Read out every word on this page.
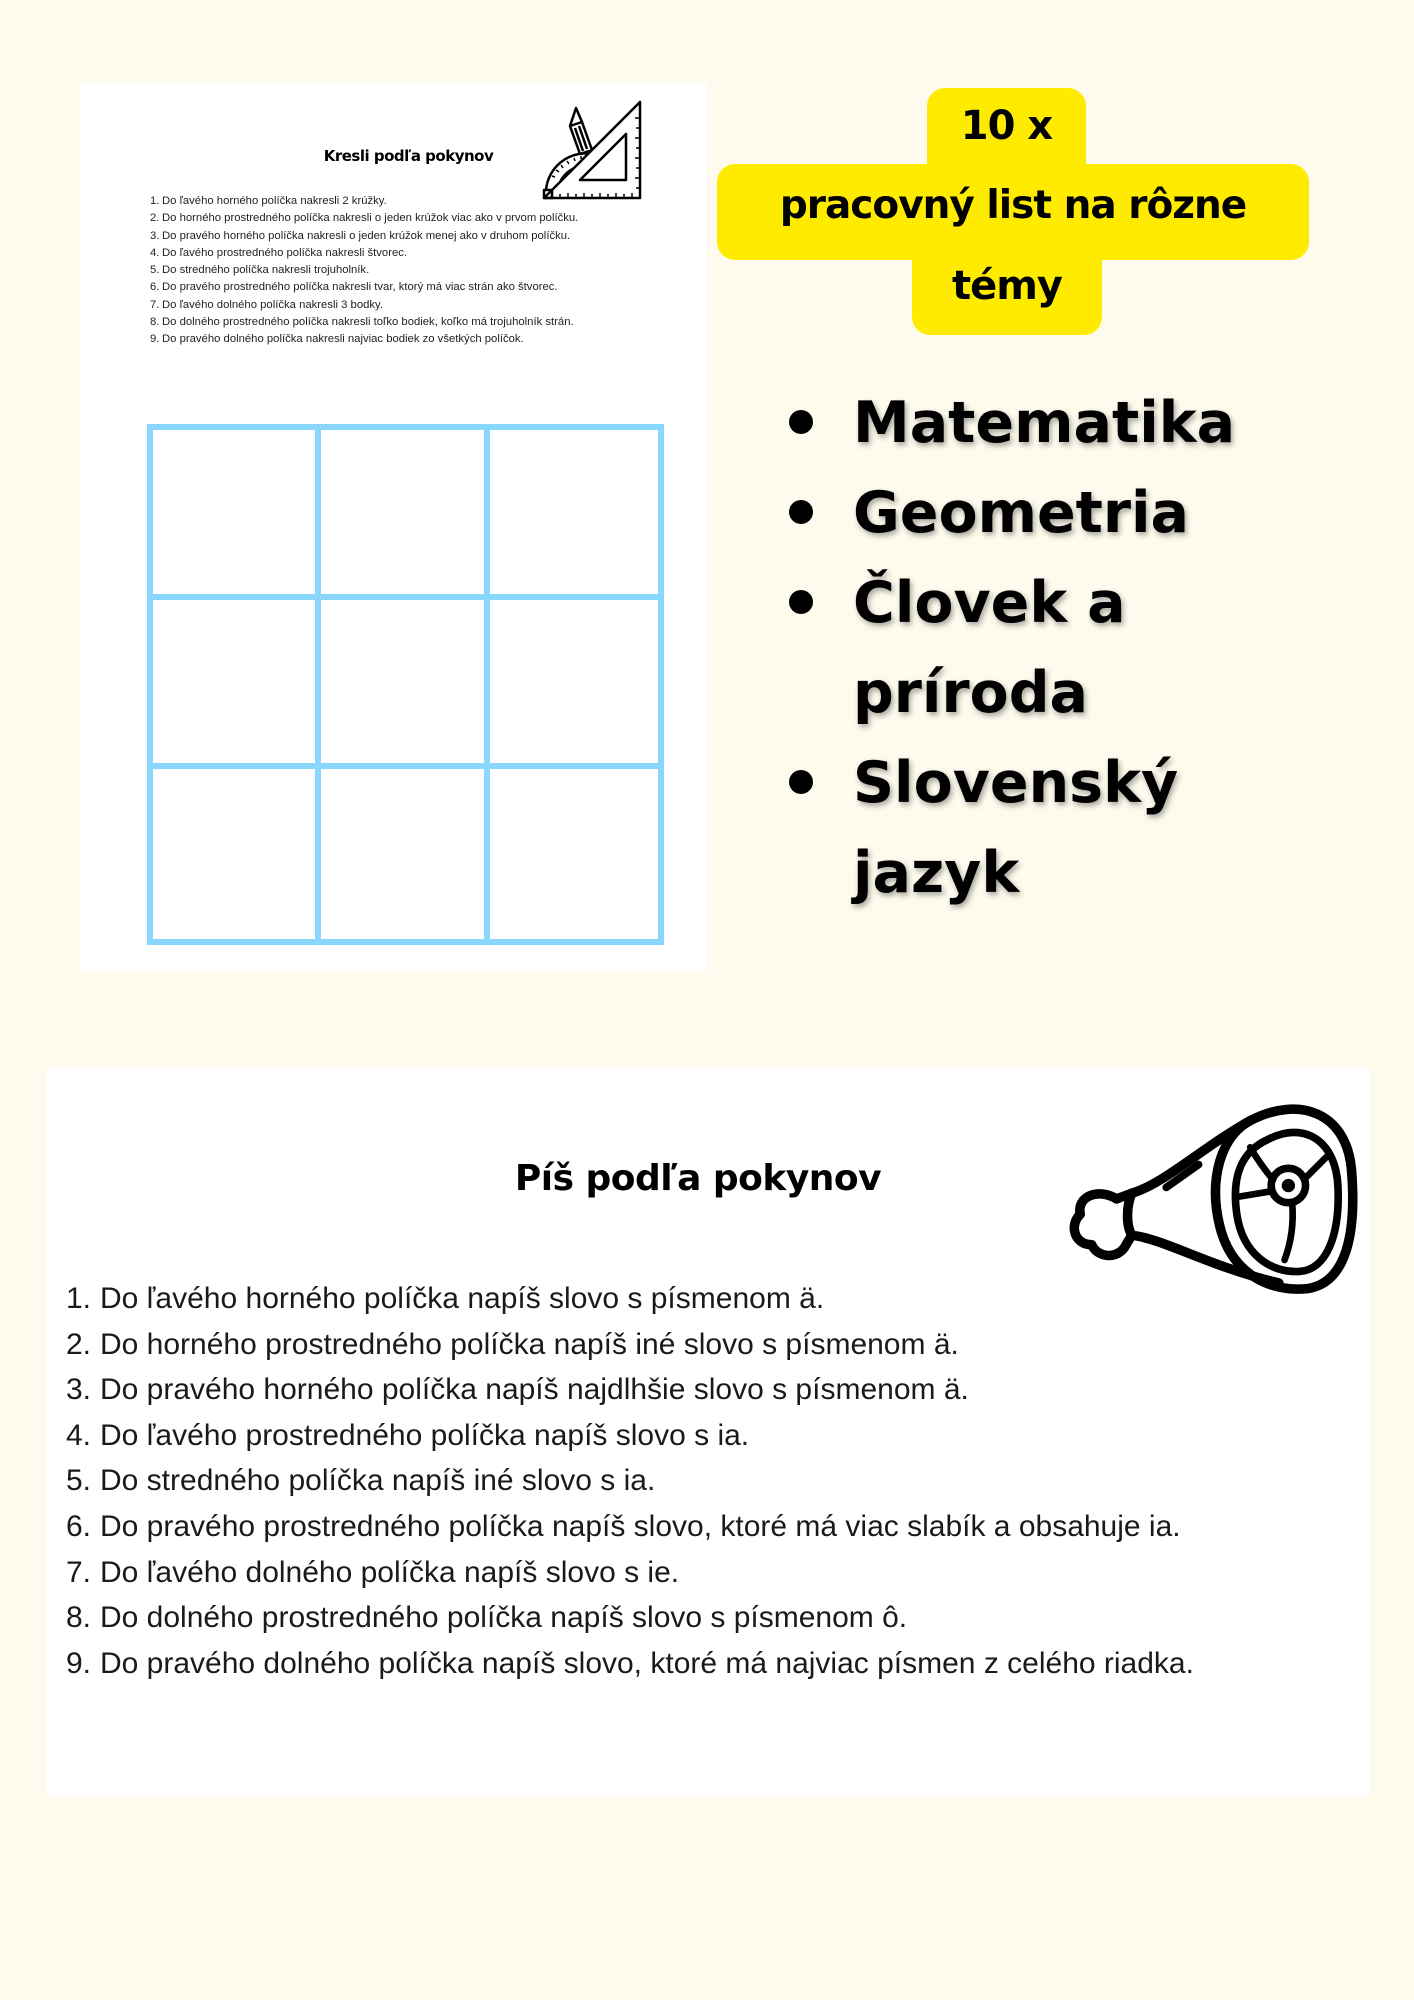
Kresli podľa pokynov
1. Do ľavého horného políčka nakresli 2 krúžky.
2. Do horného prostredného políčka nakresli o jeden krúžok viac ako v prvom políčku.
3. Do pravého horného políčka nakresli o jeden krúžok menej ako v druhom políčku.
4. Do ľavého prostredného políčka nakresli štvorec.
5. Do stredného políčka nakresli trojuholník.
6. Do pravého prostredného políčka nakresli tvar, ktorý má viac strán ako štvorec.
7. Do ľavého dolného políčka nakresli 3 bodky.
8. Do dolného prostredného políčka nakresli toľko bodiek, koľko má trojuholník strán.
9. Do pravého dolného políčka nakresli najviac bodiek zo všetkých políčok.
10 x
pracovný list na rôzne
témy
Matematika
Geometria
Človek a príroda
Slovenský jazyk
Píš podľa pokynov
1. Do ľavého horného políčka napíš slovo s písmenom ä.
2. Do horného prostredného políčka napíš iné slovo s písmenom ä.
3. Do pravého horného políčka napíš najdlhšie slovo s písmenom ä.
4. Do ľavého prostredného políčka napíš slovo s ia.
5. Do stredného políčka napíš iné slovo s ia.
6. Do pravého prostredného políčka napíš slovo, ktoré má viac slabík a obsahuje ia.
7. Do ľavého dolného políčka napíš slovo s ie.
8. Do dolného prostredného políčka napíš slovo s písmenom ô.
9. Do pravého dolného políčka napíš slovo, ktoré má najviac písmen z celého riadka.
